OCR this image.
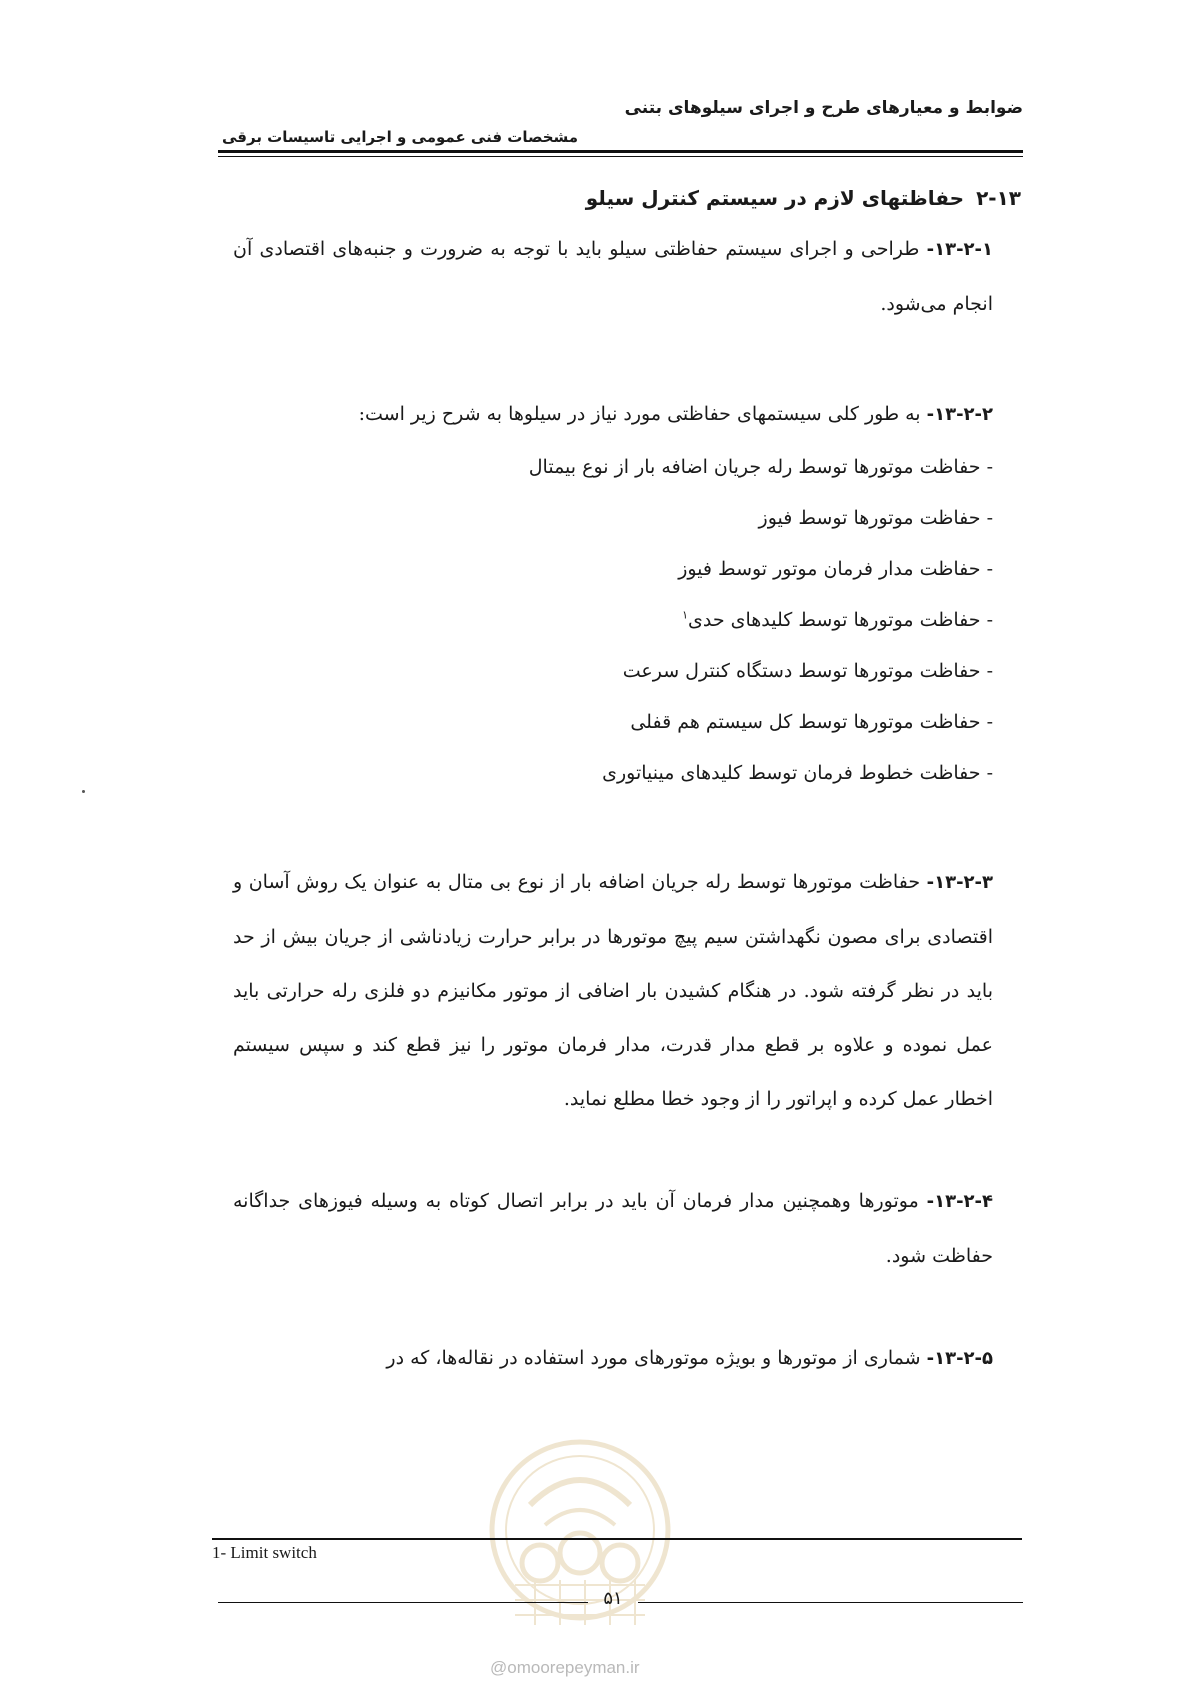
ضوابط و معیارهای طرح و اجرای سیلوهای بتنی
مشخصات فنی عمومی و اجرایی تاسیسات برقی
۲-۱۳حفاظتهای لازم در سیستم کنترل سیلو

۱۳-۲-۱- طراحی و اجرای سیستم حفاظتی سیلو باید با توجه به ضرورت و جنبه‌های اقتصادی آن انجام می‌شود.

۱۳-۲-۲- به طور کلی سیستمهای حفاظتی مورد نیاز در سیلوها به شرح زیر است:

- حفاظت موتورها توسط رله جریان اضافه بار از نوع بیمتال
- حفاظت موتورها توسط فیوز
- حفاظت مدار فرمان موتور توسط فیوز
- حفاظت موتورها توسط کلیدهای حدی$^۱$
- حفاظت موتورها توسط دستگاه کنترل سرعت
- حفاظت موتورها توسط کل سیستم هم قفلی
- حفاظت خطوط فرمان توسط کلیدهای مینیاتوری

۱۳-۲-۳- حفاظت موتورها توسط رله جریان اضافه بار از نوع بی متال به عنوان یک روش آسان و اقتصادی برای مصون نگهداشتن سیم پیچ موتورها در برابر حرارت زیادناشی از جریان بیش از حد باید در نظر گرفته شود. در هنگام کشیدن بار اضافی از موتور مکانیزم دو فلزی رله حرارتی باید عمل نموده و علاوه بر قطع مدار قدرت، مدار فرمان موتور را نیز قطع کند و سپس سیستم اخطار عمل کرده و اپراتور را از وجود خطا مطلع نماید.

۱۳-۲-۴- موتورها وهمچنین مدار فرمان آن باید در برابر اتصال کوتاه به وسیله فیوزهای جداگانه حفاظت شود.

۱۳-۲-۵- شماری از موتورها و بویژه موتورهای مورد استفاده در نقاله‌ها، که در

1- Limit switch
۵۱
@omoorepeyman.ir
